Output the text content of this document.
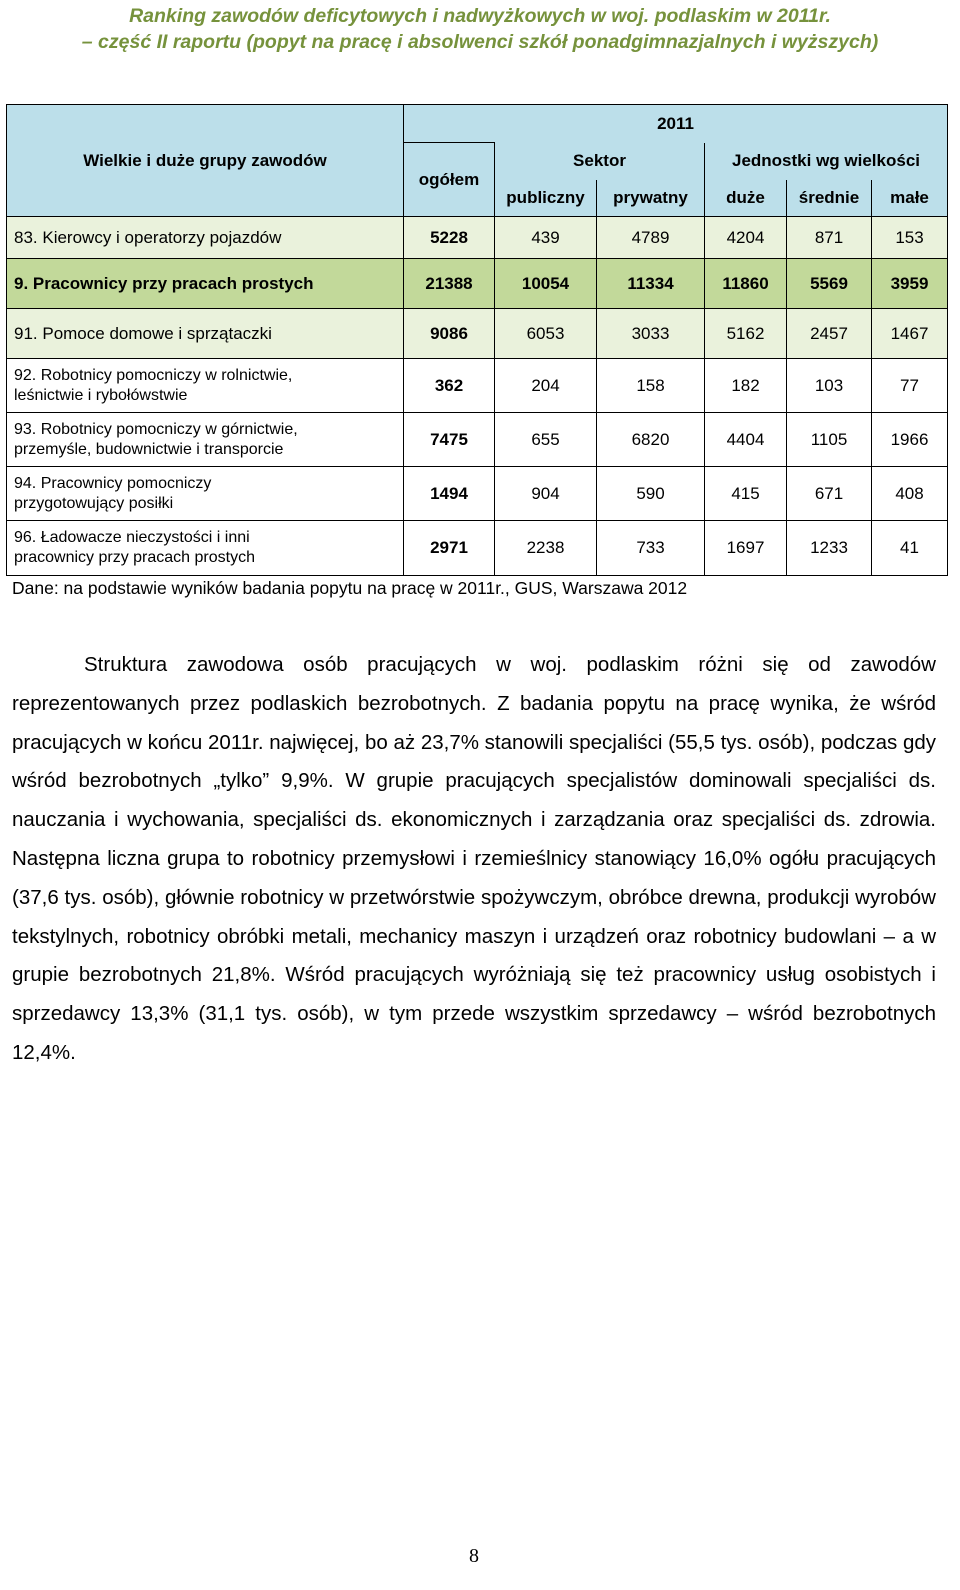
Ranking zawodów deficytowych i nadwyżkowych w woj. podlaskim w 2011r.
– część II raportu (popyt na pracę i absolwenci szkół ponadgimnazjalnych i wyższych)
Wielkie i duże grupy zawodów	2011					
	ogółem	Sektor		Jednostki wg wielkości		
		publiczny	prywatny	duże	średnie	małe
83. Kierowcy i operatorzy pojazdów	5228	439	4789	4204	871	153
9. Pracownicy przy pracach prostych	21388	10054	11334	11860	5569	3959
91. Pomoce domowe i sprzątaczki	9086	6053	3033	5162	2457	1467
92. Robotnicy pomocniczy w rolnictwie, leśnictwie i rybołówstwie	362	204	158	182	103	77
93. Robotnicy pomocniczy w górnictwie, przemyśle, budownictwie i transporcie	7475	655	6820	4404	1105	1966
94. Pracownicy pomocniczy przygotowujący posiłki	1494	904	590	415	671	408
96. Ładowacze nieczystości i inni pracownicy przy pracach prostych	2971	2238	733	1697	1233	41
Dane: na podstawie wyników badania popytu na pracę w 2011r., GUS, Warszawa 2012
Struktura zawodowa osób pracujących w woj. podlaskim różni się od zawodów reprezentowanych przez podlaskich bezrobotnych. Z badania popytu na pracę wynika, że wśród pracujących w końcu 2011r. najwięcej, bo aż 23,7% stanowili specjaliści (55,5 tys. osób), podczas gdy wśród bezrobotnych „tylko” 9,9%. W grupie pracujących specjalistów dominowali specjaliści ds. nauczania i wychowania, specjaliści ds. ekonomicznych i zarządzania oraz specjaliści ds. zdrowia. Następna liczna grupa to robotnicy przemysłowi i rzemieślnicy stanowiący 16,0% ogółu pracujących (37,6 tys. osób), głównie robotnicy w przetwórstwie spożywczym, obróbce drewna, produkcji wyrobów tekstylnych, robotnicy obróbki metali, mechanicy maszyn i urządzeń oraz robotnicy budowlani – a w grupie bezrobotnych 21,8%. Wśród pracujących wyróżniają się też pracownicy usług osobistych i sprzedawcy 13,3% (31,1 tys. osób), w tym przede wszystkim sprzedawcy – wśród bezrobotnych 12,4%.
8
